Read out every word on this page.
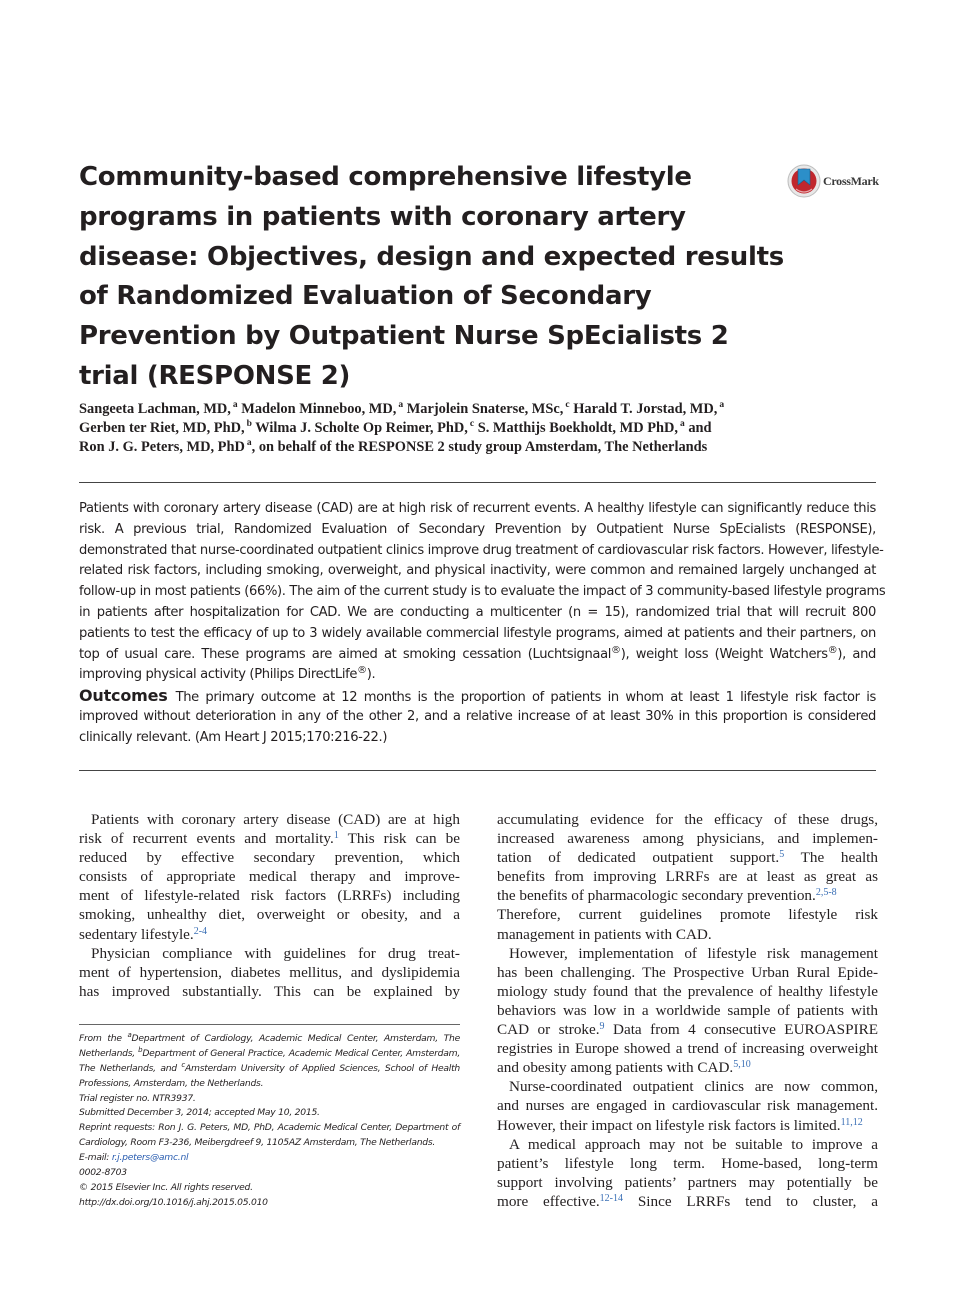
Community-based comprehensive lifestyle
programs in patients with coronary artery
disease: Objectives, design and expected results
of Randomized Evaluation of Secondary
Prevention by Outpatient Nurse SpEcialists 2
trial (RESPONSE 2)
CrossMark
Sangeeta Lachman, MD, $^a$ Madelon Minneboo, MD, $^a$ Marjolein Snaterse, MSc, $^c$ Harald T. Jorstad, MD, $^a$
Gerben ter Riet, MD, PhD, $^b$ Wilma J. Scholte Op Reimer, PhD, $^c$ S. Matthijs Boekholdt, MD PhD, $^a$ and
Ron J. G. Peters, MD, PhD $^a$, on behalf of the RESPONSE 2 study group Amsterdam, The Netherlands
Patients with coronary artery disease (CAD) are at high risk of recurrent events. A healthy lifestyle can significantly reduce this
risk. A previous trial, Randomized Evaluation of Secondary Prevention by Outpatient Nurse SpEcialists (RESPONSE),
demonstrated that nurse-coordinated outpatient clinics improve drug treatment of cardiovascular risk factors. However, lifestyle-
related risk factors, including smoking, overweight, and physical inactivity, were common and remained largely unchanged at
follow-up in most patients (66%). The aim of the current study is to evaluate the impact of 3 community-based lifestyle programs
in patients after hospitalization for CAD. We are conducting a multicenter (n = 15), randomized trial that will recruit 800
patients to test the efficacy of up to 3 widely available commercial lifestyle programs, aimed at patients and their partners, on
top of usual care. These programs are aimed at smoking cessation (Luchtsignaal®), weight loss (Weight Watchers®), and
improving physical activity (Philips DirectLife®).
Outcomes The primary outcome at 12 months is the proportion of patients in whom at least 1 lifestyle risk factor is
improved without deterioration in any of the other 2, and a relative increase of at least 30% in this proportion is considered
clinically relevant. (Am Heart J 2015;170:216-22.)
Patients with coronary artery disease (CAD) are at high
risk of recurrent events and mortality.$^1$ This risk can be
reduced by effective secondary prevention, which
consists of appropriate medical therapy and improve-
ment of lifestyle-related risk factors (LRRFs) including
smoking, unhealthy diet, overweight or obesity, and a
sedentary lifestyle.$^{2-4}$
Physician compliance with guidelines for drug treat-
ment of hypertension, diabetes mellitus, and dyslipidemia
has improved substantially. This can be explained by
accumulating evidence for the efficacy of these drugs,
increased awareness among physicians, and implemen-
tation of dedicated outpatient support.$^5$ The health
benefits from improving LRRFs are at least as great as
the benefits of pharmacologic secondary prevention.$^{2,5-8}$
Therefore, current guidelines promote lifestyle risk
management in patients with CAD.
However, implementation of lifestyle risk management
has been challenging. The Prospective Urban Rural Epide-
miology study found that the prevalence of healthy lifestyle
behaviors was low in a worldwide sample of patients with
CAD or stroke.$^9$ Data from 4 consecutive EUROASPIRE
registries in Europe showed a trend of increasing overweight
and obesity among patients with CAD.$^{5,10}$
Nurse-coordinated outpatient clinics are now common,
and nurses are engaged in cardiovascular risk management.
However, their impact on lifestyle risk factors is limited.$^{11,12}$
A medical approach may not be suitable to improve a
patient’s lifestyle long term. Home-based, long-term
support involving patients’ partners may potentially be
more effective.$^{12-14}$ Since LRRFs tend to cluster, a
From the $^a$Department of Cardiology, Academic Medical Center, Amsterdam, The
Netherlands, $^b$Department of General Practice, Academic Medical Center, Amsterdam,
The Netherlands, and $^c$Amsterdam University of Applied Sciences, School of Health
Professions, Amsterdam, the Netherlands.
Trial register no. NTR3937.
Submitted December 3, 2014; accepted May 10, 2015.
Reprint requests: Ron J. G. Peters, MD, PhD, Academic Medical Center, Department of
Cardiology, Room F3-236, Meibergdreef 9, 1105AZ Amsterdam, The Netherlands.
E-mail: r.j.peters@amc.nl
0002-8703
© 2015 Elsevier Inc. All rights reserved.
http://dx.doi.org/10.1016/j.ahj.2015.05.010
